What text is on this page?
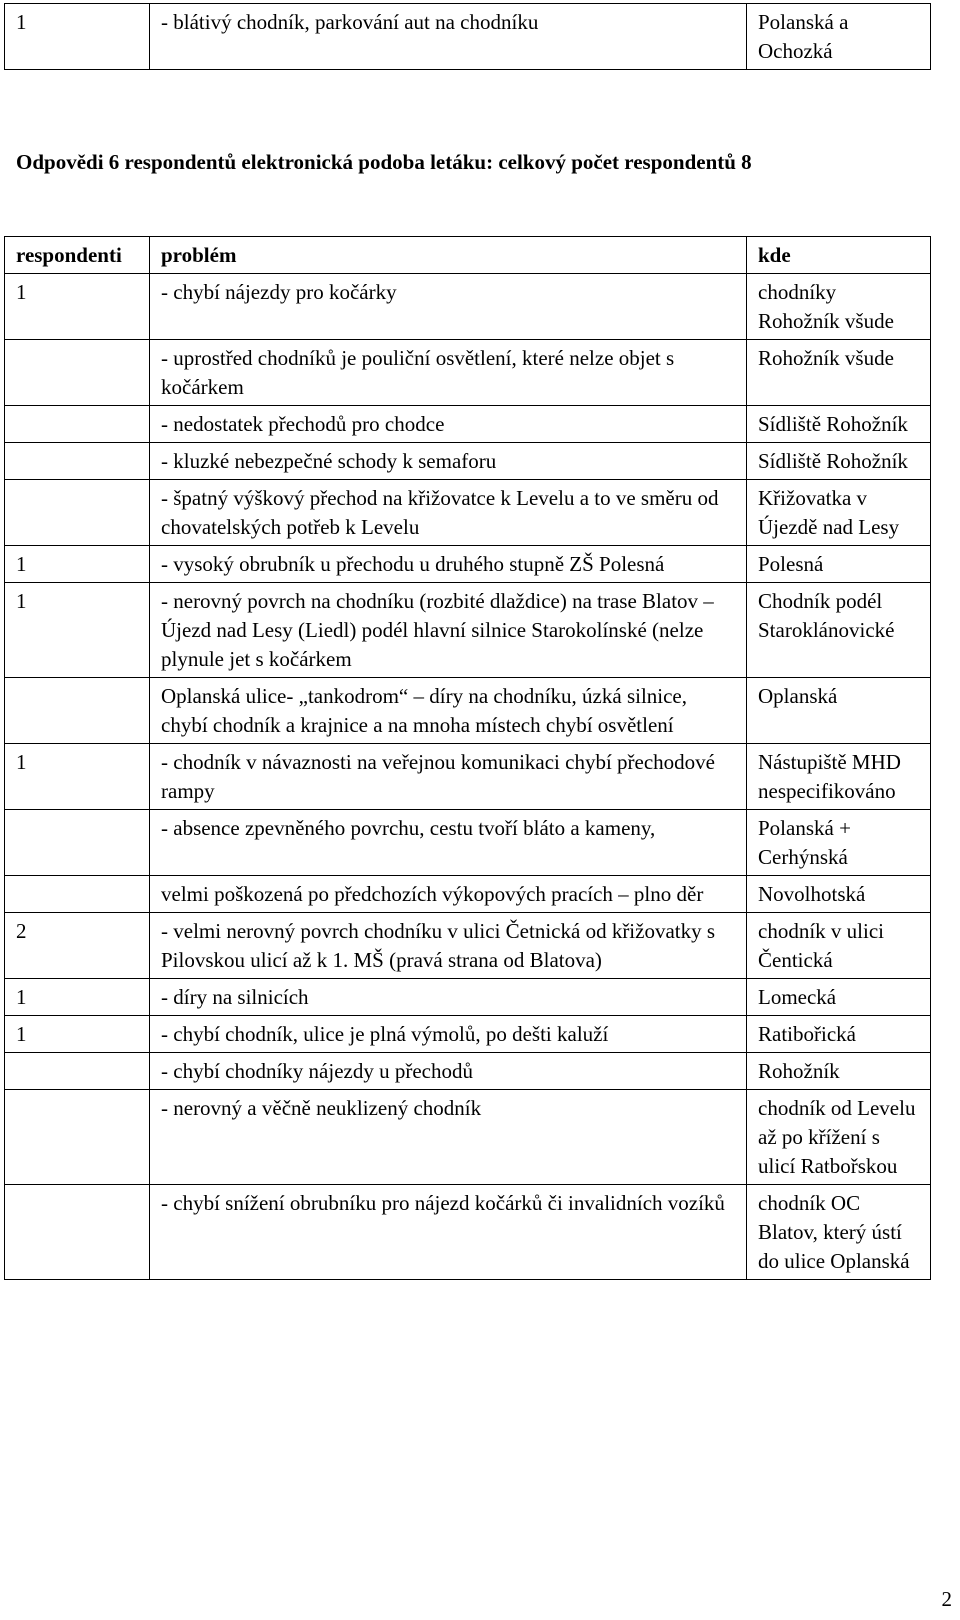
1	- blátivý chodník, parkování aut na chodníku	Polanská a Ochozká
Odpovědi 6 respondentů elektronická podoba letáku: celkový počet respondentů 8
respondenti	problém	kde
1	- chybí nájezdy pro kočárky	chodníky Rohožník všude
	- uprostřed chodníků je pouliční osvětlení, které nelze objet s kočárkem	Rohožník všude
	- nedostatek přechodů pro chodce	Sídliště Rohožník
	- kluzké nebezpečné schody k semaforu	Sídliště Rohožník
	- špatný výškový přechod na křižovatce k Levelu a to ve směru od chovatelských potřeb k Levelu	Křižovatka v Újezdě nad Lesy
1	- vysoký obrubník u přechodu u druhého stupně ZŠ Polesná	Polesná
1	- nerovný povrch na chodníku (rozbité dlaždice) na trase Blatov – Újezd nad Lesy (Liedl) podél hlavní silnice Starokolínské (nelze plynule jet s kočárkem	Chodník podél Staroklánovické
	Oplanská ulice- „tankodrom“ – díry na chodníku, úzká silnice, chybí chodník a krajnice a na mnoha místech chybí osvětlení	Oplanská
1	- chodník v návaznosti na veřejnou komunikaci chybí přechodové rampy	Nástupiště MHD nespecifikováno
	- absence zpevněného povrchu, cestu tvoří bláto a kameny,	Polanská + Cerhýnská
	velmi poškozená po předchozích výkopových pracích – plno děr	Novolhotská
2	- velmi nerovný povrch chodníku v ulici Četnická od křižovatky s Pilovskou ulicí až k 1. MŠ (pravá strana od Blatova)	chodník v ulici Čentická
1	- díry na silnicích	Lomecká
1	- chybí chodník, ulice je plná výmolů, po dešti kaluží	Ratibořická
	- chybí chodníky nájezdy u přechodů	Rohožník
	- nerovný a věčně neuklizený chodník	chodník od Levelu až po křížení s ulicí Ratbořskou
	- chybí snížení obrubníku pro nájezd kočárků či invalidních vozíků	chodník OC Blatov, který ústí do ulice Oplanská
2
